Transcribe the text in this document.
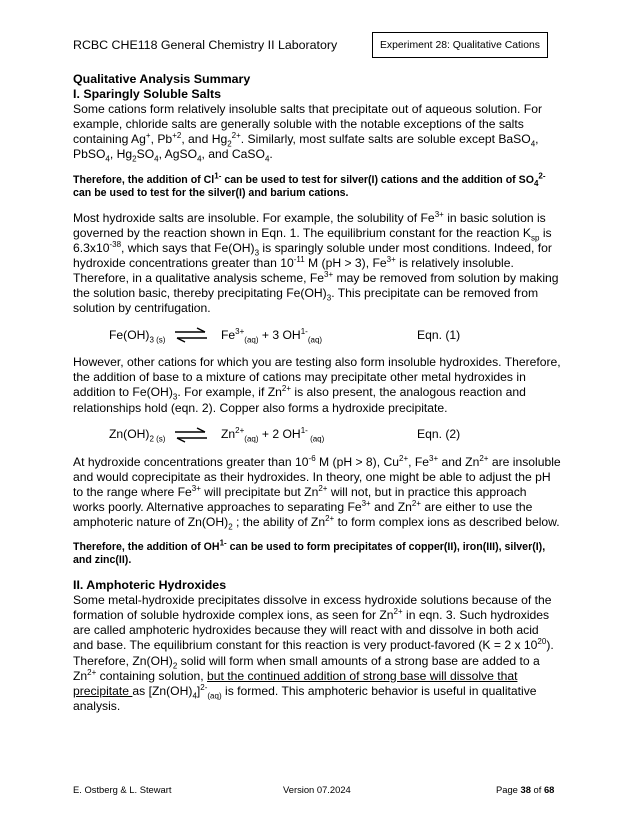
RCBC CHE118 General Chemistry II Laboratory	Experiment 28: Qualitative Cations

Qualitative Analysis Summary

I. Sparingly Soluble Salts

Some cations form relatively insoluble salts that precipitate out of aqueous solution. For example, chloride salts are generally soluble with the notable exceptions of the salts containing Ag+, $Pb^{+2}$, and $Hg_2^{2+}$. Similarly, most sulfate salts are soluble except BaSO$_4$, PbSO$_4$, $Hg_2SO_4$, AgSO$_4$, and CaSO$_4$.

Therefore, the addition of $Cl^{1-}$ can be used to test for silver(I) cations and the addition of $SO_4^{2-}$ can be used to test for the silver(I) and barium cations.

Most hydroxide salts are insoluble. For example, the solubility of $Fe^{3+}$ in basic solution is governed by the reaction shown in Eqn. 1. The equilibrium constant for the reaction $K_{sp}$ is $6.3x10^{-38}$, which says that $Fe(OH)_3$ is sparingly soluble under most conditions. Indeed, for hydroxide concentrations greater than $10^{-11}$ M (pH > 3), $Fe^{3+}$ is relatively insoluble. Therefore, in a qualitative analysis scheme, $Fe^{3+}$ may be removed from solution by making the solution basic, thereby precipitating $Fe(OH)_3$. This precipitate can be removed from solution by centrifugation.

$Fe(OH)_3$ $_{(s)}$ ⇌ $Fe^{3+}_{(aq)} + 3$ $OH^{1-}_{(aq)}$	Eqn. (1)

However, other cations for which you are testing also form insoluble hydroxides. Therefore, the addition of base to a mixture of cations may precipitate other metal hydroxides in addition to $Fe(OH)_3$. For example, if $Zn^{2+}$ is also present, the analogous reaction and relationships hold (eqn. 2). Copper also forms a hydroxide precipitate.

$Zn(OH)_2$ $_{(s)}$ ⇌ $Zn^{2+}_{(aq)} + 2$ $OH^{1-}$ $_{(aq)}$	Eqn. (2)

At hydroxide concentrations greater than $10^{-6}$ M (pH > 8), $Cu^{2+}$, $Fe^{3+}$ and $Zn^{2+}$ are insoluble and would coprecipitate as their hydroxides. In theory, one might be able to adjust the pH to the range where $Fe^{3+}$ will precipitate but $Zn^{2+}$ will not, but in practice this approach works poorly. Alternative approaches to separating $Fe^{3+}$ and $Zn^{2+}$ are either to use the amphoteric nature of $Zn(OH)_2$ ; the ability of $Zn^{2+}$ to form complex ions as described below.

Therefore, the addition of $OH^{1-}$ can be used to form precipitates of copper(II), iron(III), silver(I), and zinc(II).

II. Amphoteric Hydroxides

Some metal-hydroxide precipitates dissolve in excess hydroxide solutions because of the formation of soluble hydroxide complex ions, as seen for $Zn^{2+}$ in eqn. 3. Such hydroxides are called amphoteric hydroxides because they will react with and dissolve in both acid and base. The equilibrium constant for this reaction is very product-favored (K = 2 x $10^{20}$). Therefore, $Zn(OH)_2$ solid will form when small amounts of a strong base are added to a $Zn^{2+}$ containing solution, but the continued addition of strong base will dissolve that precipitate as $[Zn(OH)_4]^{2-}_{(aq)}$ is formed. This amphoteric behavior is useful in qualitative analysis.

E. Ostberg & L. Stewart	Version 07.2024	Page 38 of 68
